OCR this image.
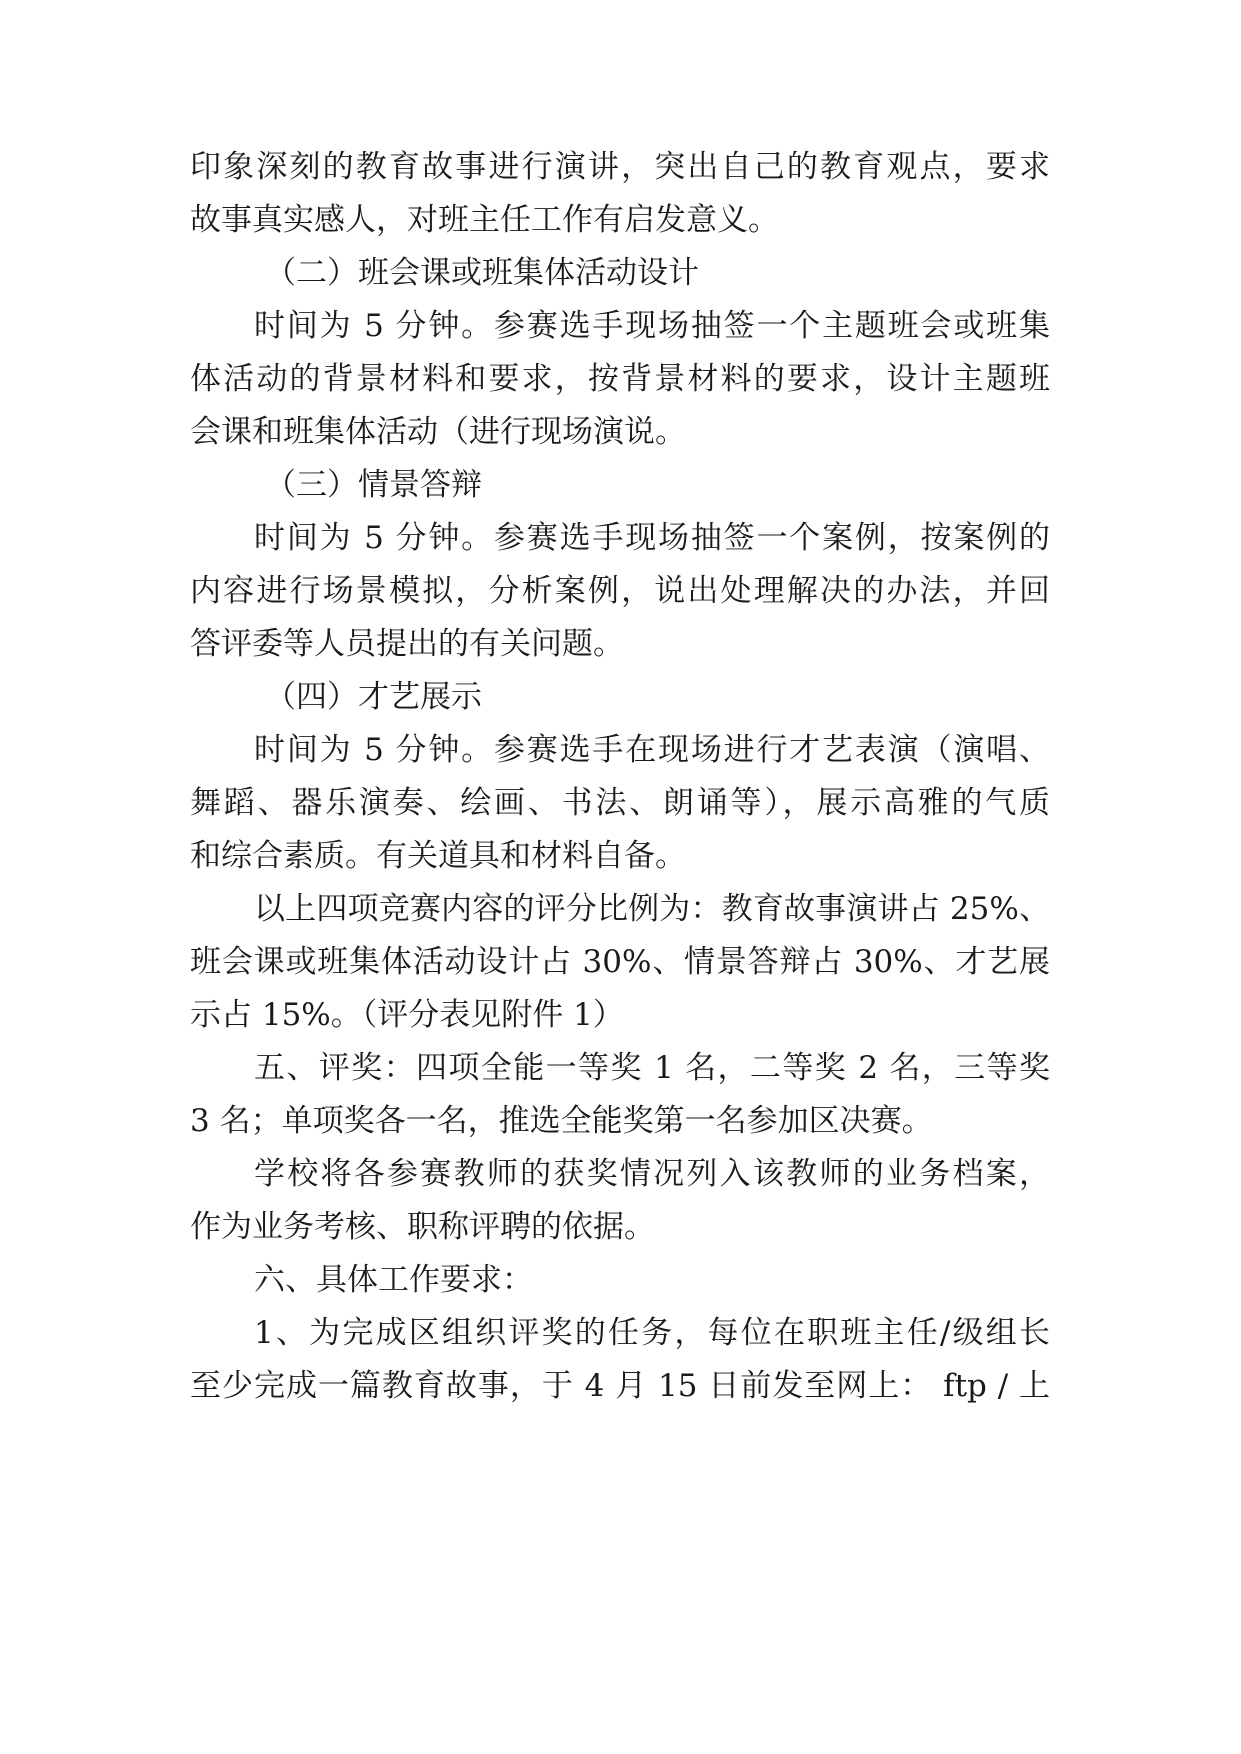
印象深刻的教育故事进行演讲，突出自己的教育观点，要求
故事真实感人，对班主任工作有启发意义。
（二）班会课或班集体活动设计
时间为 5 分钟。参赛选手现场抽签一个主题班会或班集
体活动的背景材料和要求，按背景材料的要求，设计主题班
会课和班集体活动（进行现场演说。
（三）情景答辩
时间为 5 分钟。参赛选手现场抽签一个案例，按案例的
内容进行场景模拟，分析案例，说出处理解决的办法，并回
答评委等人员提出的有关问题。
（四）才艺展示
时间为 5 分钟。参赛选手在现场进行才艺表演（演唱、
舞蹈、器乐演奏、绘画、书法、朗诵等），展示高雅的气质
和综合素质。有关道具和材料自备。
以上四项竞赛内容的评分比例为：教育故事演讲占 25%、
班会课或班集体活动设计占 30%、情景答辩占 30%、才艺展
示占 15%。（评分表见附件 1）
五、评奖：四项全能一等奖 1 名，二等奖 2 名，三等奖
3 名；单项奖各一名，推选全能奖第一名参加区决赛。
学校将各参赛教师的获奖情况列入该教师的业务档案，
作为业务考核、职称评聘的依据。
六、具体工作要求：
1、为完成区组织评奖的任务，每位在职班主任/级组长
至少完成一篇教育故事，于 4 月 15 日前发至网上： ftp / 上
